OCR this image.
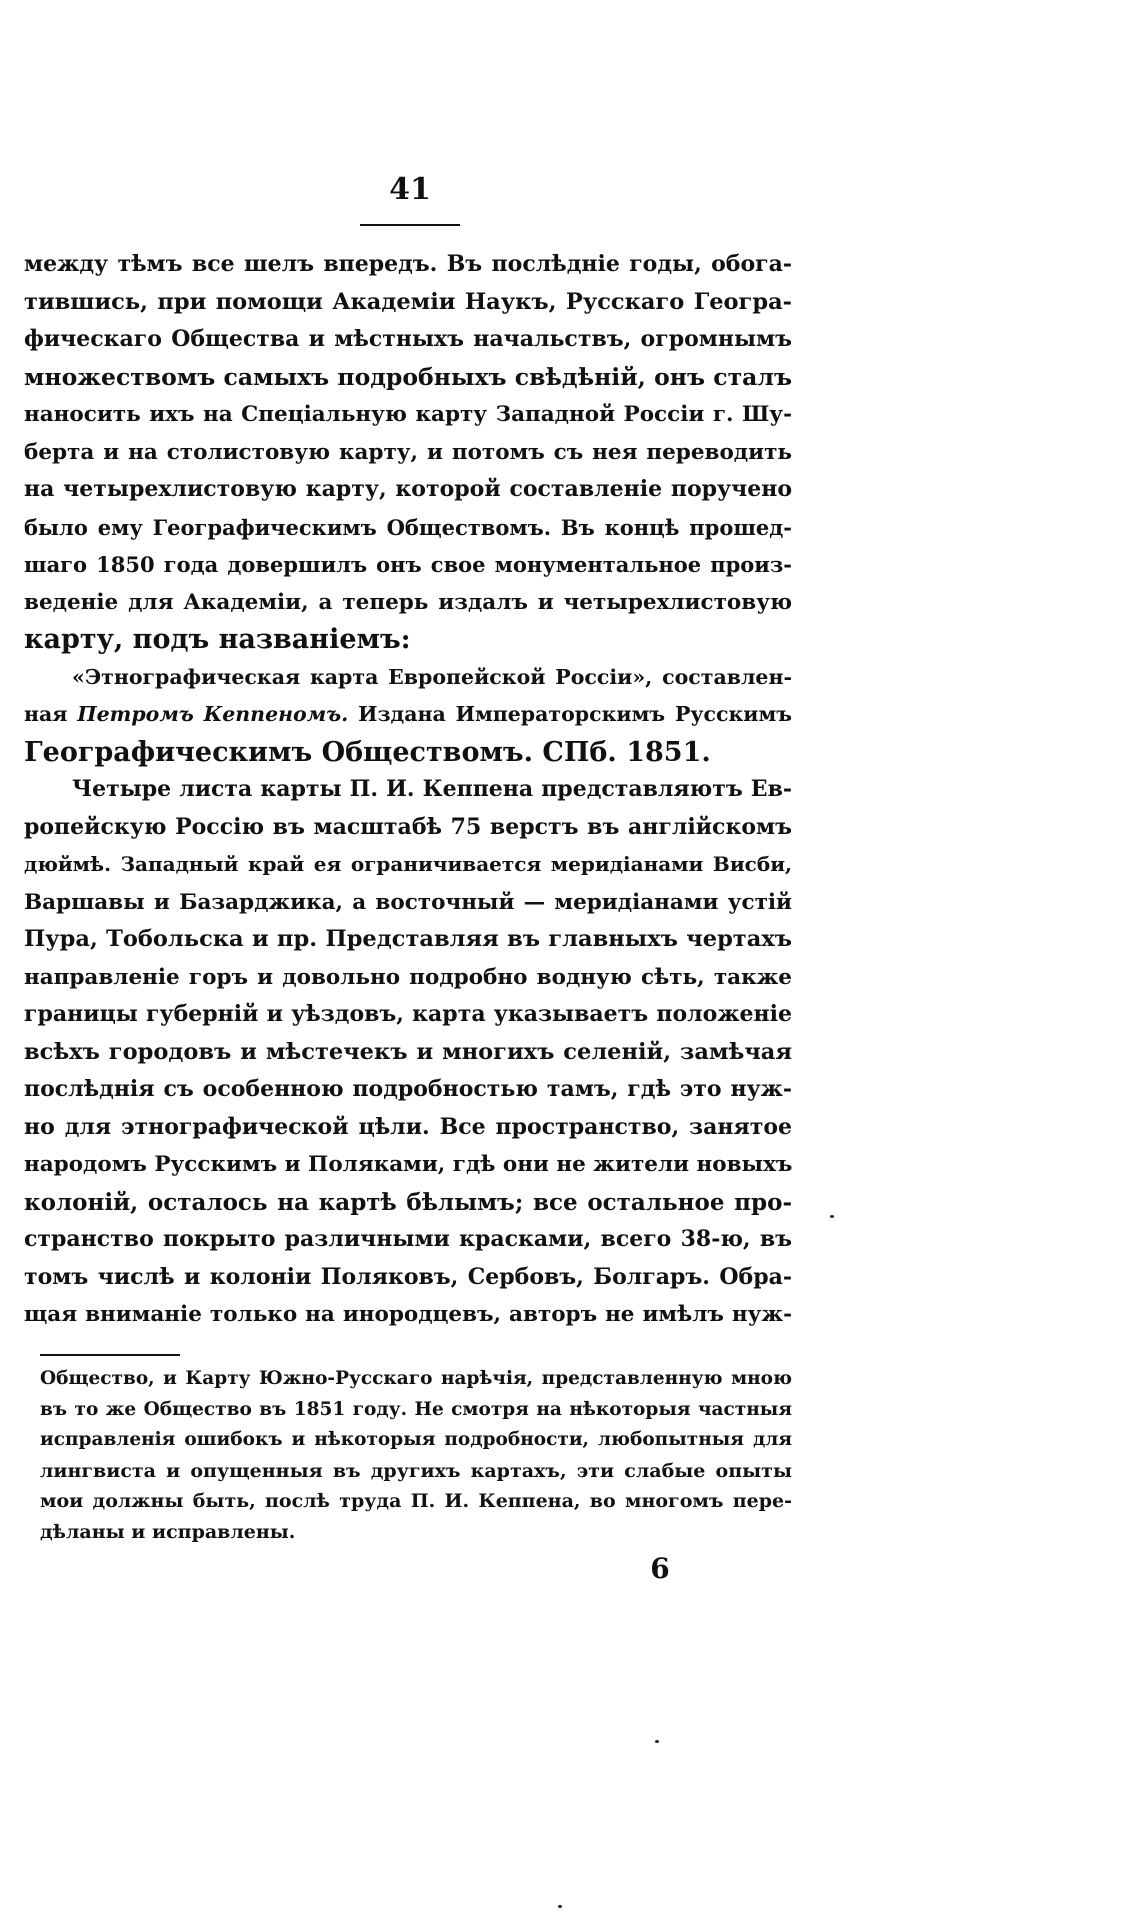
41
между тѣмъ все шелъ впередъ. Въ послѣдніе годы, обога-
тившись, при помощи Академіи Наукъ, Русскаго Геогра-
фическаго Общества и мѣстныхъ начальствъ, огромнымъ
множествомъ самыхъ подробныхъ свѣдѣній, онъ сталъ
наносить ихъ на Спеціальную карту Западной Россіи г. Шу-
берта и на столистовую карту, и потомъ съ нея переводить
на четырехлистовую карту, которой составленіе поручено
было ему Географическимъ Обществомъ. Въ концѣ прошед-
шаго 1850 года довершилъ онъ свое монументальное произ-
веденіе для Академіи, а теперь издалъ и четырехлистовую
карту, подъ названіемъ:
«Этнографическая карта Европейской Россіи», составлен-
ная Петромъ Кеппеномъ. Издана Императорскимъ Русскимъ
Географическимъ Обществомъ. СПб. 1851.
Четыре листа карты П. И. Кеппена представляютъ Ев-
ропейскую Россію въ масштабѣ 75 верстъ въ англійскомъ
дюймѣ. Западный край ея ограничивается меридіанами Висби,
Варшавы и Базарджика, а восточный — меридіанами устій
Пура, Тобольска и пр. Представляя въ главныхъ чертахъ
направленіе горъ и довольно подробно водную сѣть, также
границы губерній и уѣздовъ, карта указываетъ положеніе
всѣхъ городовъ и мѣстечекъ и многихъ селеній, замѣчая
послѣднія съ особенною подробностью тамъ, гдѣ это нуж-
но для этнографической цѣли. Все пространство, занятое
народомъ Русскимъ и Поляками, гдѣ они не жители новыхъ
колоній, осталось на картѣ бѣлымъ; все остальное про-
странство покрыто различными красками, всего 38-ю, въ
томъ числѣ и колоніи Поляковъ, Сербовъ, Болгаръ. Обра-
щая вниманіе только на инородцевъ, авторъ не имѣлъ нуж-
Общество, и Карту Южно-Русскаго нарѣчія, представленную мною
въ то же Общество въ 1851 году. Не смотря на нѣкоторыя частныя
исправленія ошибокъ и нѣкоторыя подробности, любопытныя для
лингвиста и опущенныя въ другихъ картахъ, эти слабые опыты
мои должны быть, послѣ труда П. И. Кеппена, во многомъ пере-
дѣланы и исправлены.
6
